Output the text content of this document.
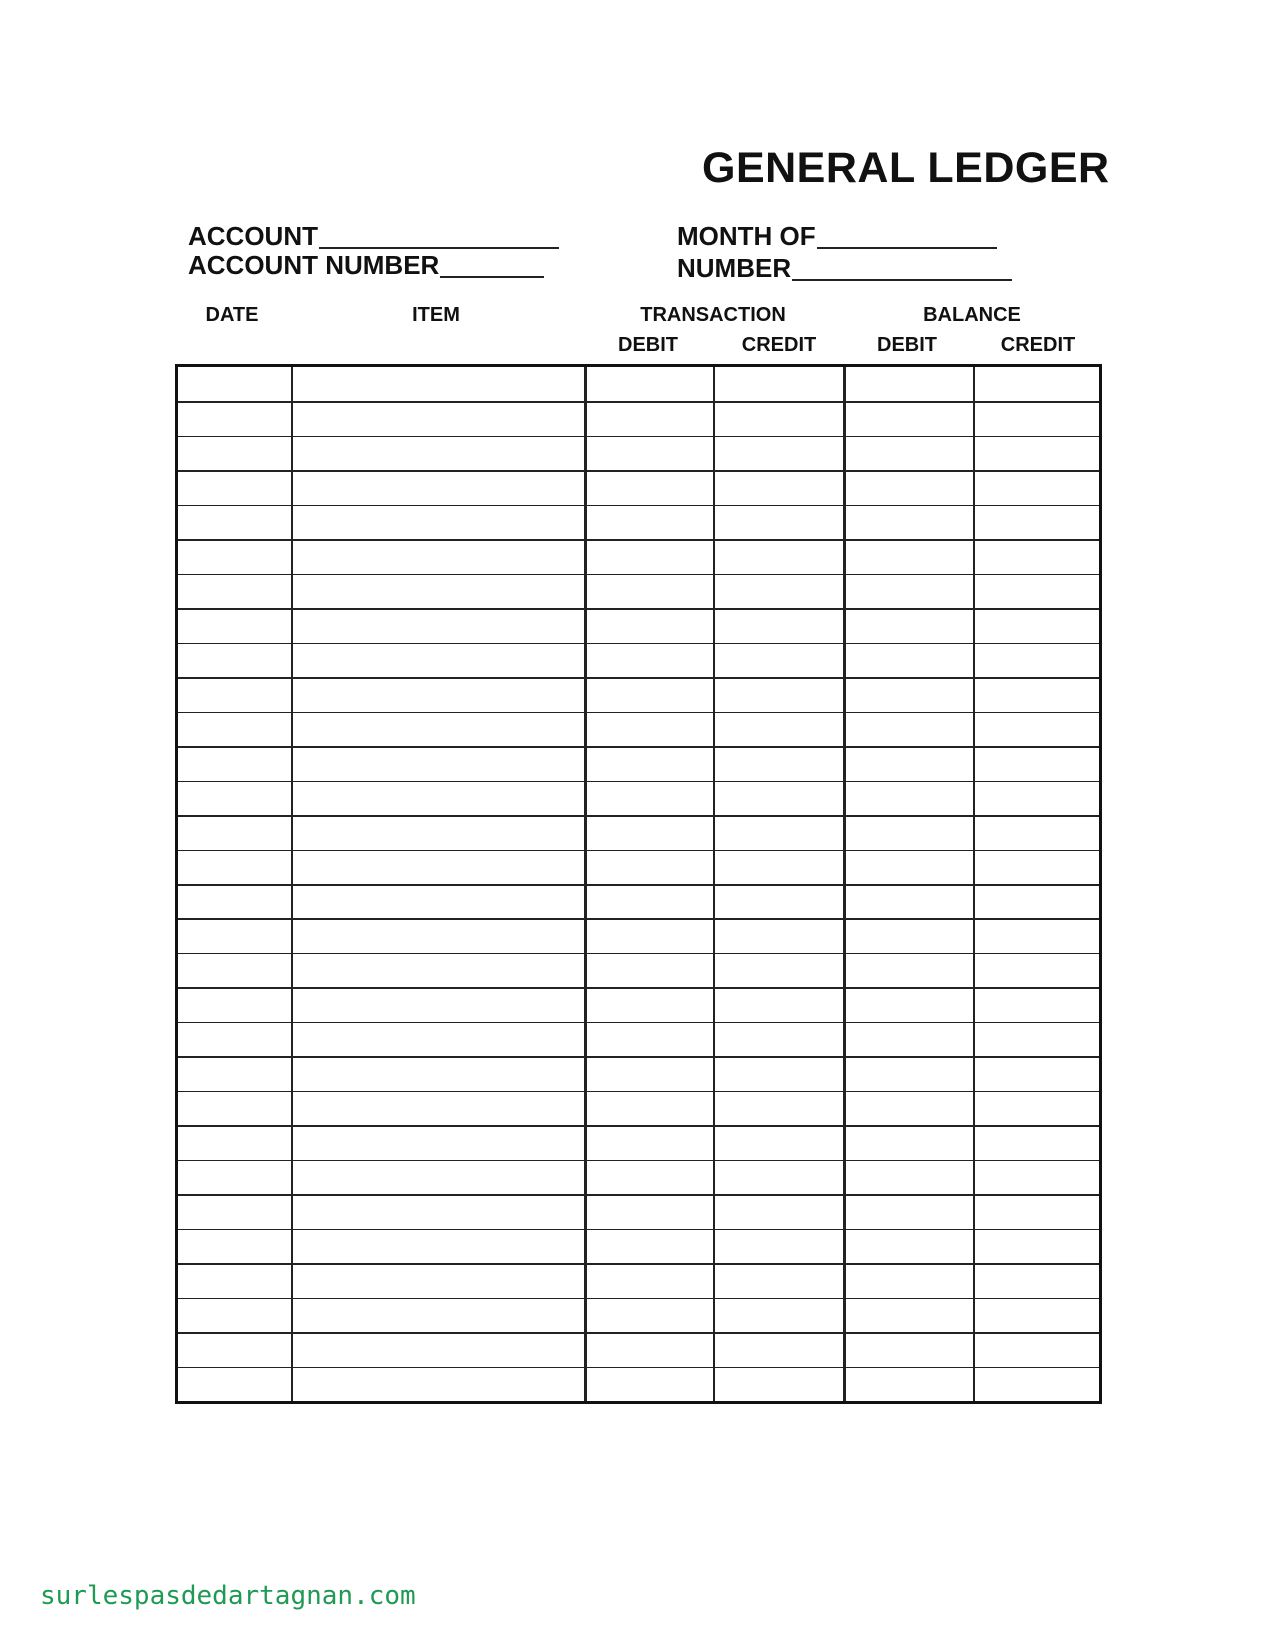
GENERAL LEDGER
ACCOUNT
ACCOUNT NUMBER
MONTH OF
NUMBER
DATE	ITEM	TRANSACTION	BALANCE
DEBIT	CREDIT	DEBIT	CREDIT
surlespasdedartagnan.com
